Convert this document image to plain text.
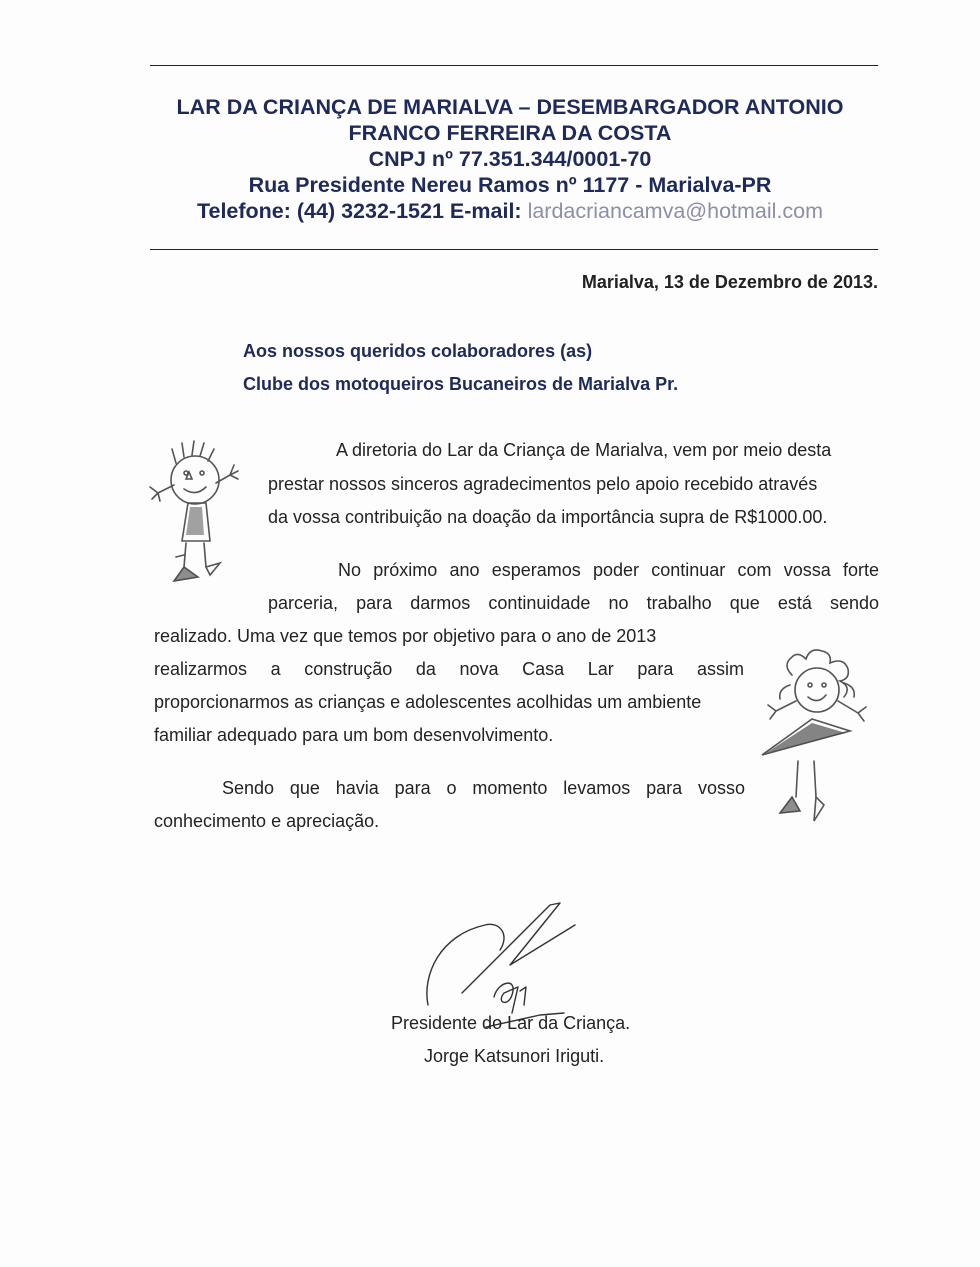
LAR DA CRIANÇA DE MARIALVA – DESEMBARGADOR ANTONIO
FRANCO FERREIRA DA COSTA
CNPJ nº 77.351.344/0001-70
Rua Presidente Nereu Ramos nº 1177 - Marialva-PR
Telefone: (44) 3232-1521 E-mail: lardacriancamva@hotmail.com
Marialva, 13 de Dezembro de 2013.
Aos nossos queridos colaboradores (as)
Clube dos motoqueiros Bucaneiros de Marialva Pr.
A diretoria do Lar da Criança de Marialva, vem por meio desta
prestar nossos sinceros agradecimentos pelo apoio recebido através
da vossa contribuição na doação da importância supra de R$1000.00.
No próximo ano esperamos poder continuar com vossa forte
parceria, para darmos continuidade no trabalho que está sendo
realizado. Uma vez que temos por objetivo para o ano de 2013
realizarmos a construção da nova Casa Lar para assim
proporcionarmos as crianças e adolescentes acolhidas um ambiente
familiar adequado para um bom desenvolvimento.
Sendo que havia para o momento levamos para vosso
conhecimento e apreciação.
Presidente do Lar da Criança.
Jorge Katsunori Iriguti.
